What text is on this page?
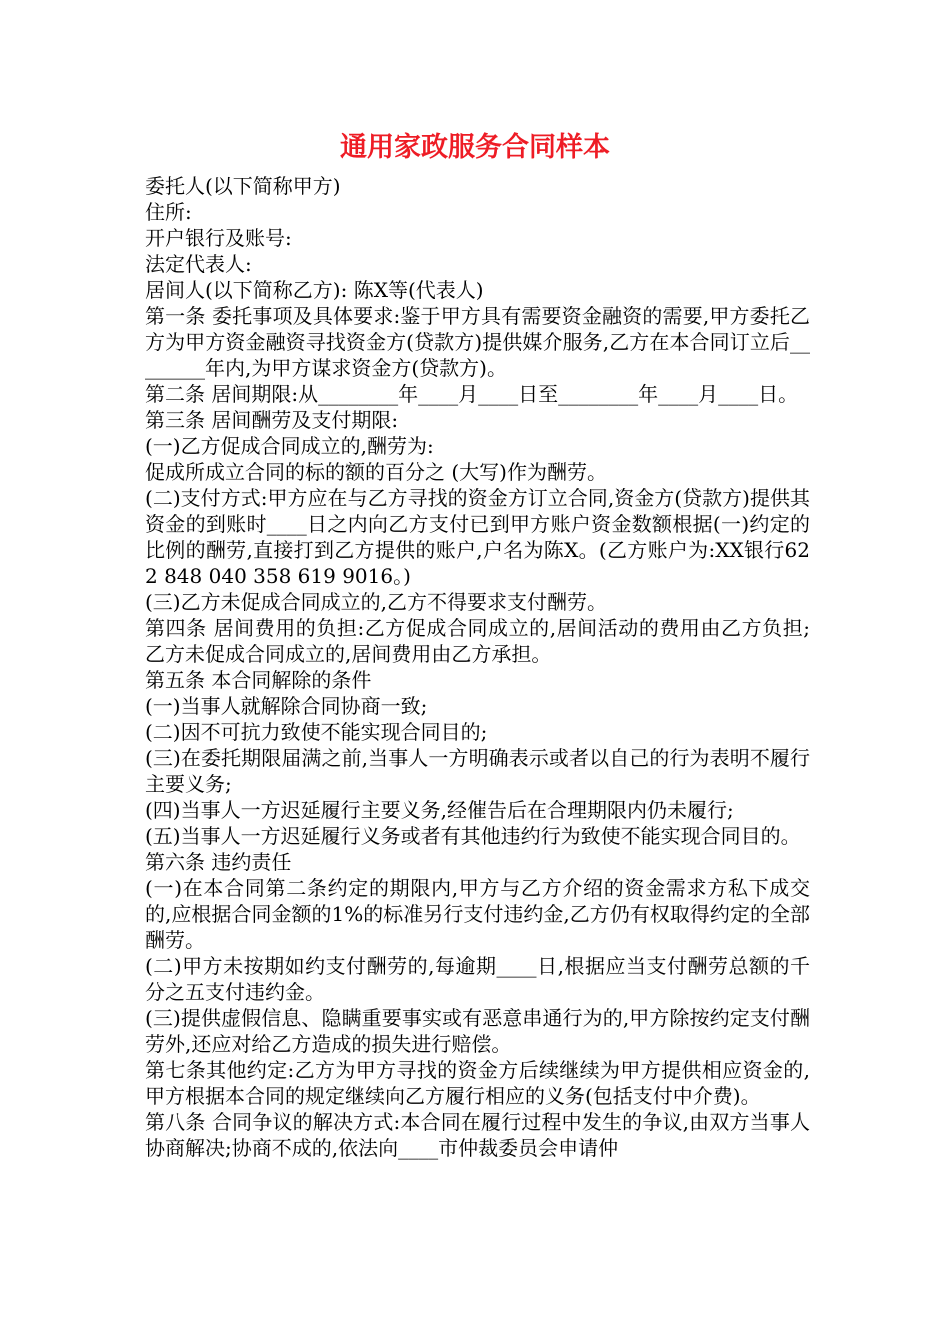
通用家政服务合同样本

委托人(以下简称甲方)

住所:

开户银行及账号:

法定代表人:

居间人(以下简称乙方): 陈X等(代表人)

第一条 委托事项及具体要求:鉴于甲方具有需要资金融资的需要,甲方委托乙方为甲方资金融资寻找资金方(贷款方)提供媒介服务,乙方在本合同订立后________年内,为甲方谋求资金方(贷款方)。

第二条 居间期限:从________年____月____日至________年____月____日。

第三条 居间酬劳及支付期限:

(一)乙方促成合同成立的,酬劳为:

促成所成立合同的标的额的百分之 (大写)作为酬劳。

(二)支付方式:甲方应在与乙方寻找的资金方订立合同,资金方(贷款方)提供其资金的到账时____日之内向乙方支付已到甲方账户资金数额根据(一)约定的比例的酬劳,直接打到乙方提供的账户,户名为陈X。(乙方账户为:XX银行622 848 040 358 619 9016。)

(三)乙方未促成合同成立的,乙方不得要求支付酬劳。

第四条 居间费用的负担:乙方促成合同成立的,居间活动的费用由乙方负担;乙方未促成合同成立的,居间费用由乙方承担。

第五条 本合同解除的条件

(一)当事人就解除合同协商一致;

(二)因不可抗力致使不能实现合同目的;

(三)在委托期限届满之前,当事人一方明确表示或者以自己的行为表明不履行主要义务;

(四)当事人一方迟延履行主要义务,经催告后在合理期限内仍未履行;

(五)当事人一方迟延履行义务或者有其他违约行为致使不能实现合同目的。

第六条 违约责任

(一)在本合同第二条约定的期限内,甲方与乙方介绍的资金需求方私下成交的,应根据合同金额的1%的标准另行支付违约金,乙方仍有权取得约定的全部酬劳。

(二)甲方未按期如约支付酬劳的,每逾期____日,根据应当支付酬劳总额的千分之五支付违约金。

(三)提供虚假信息、隐瞒重要事实或有恶意串通行为的,甲方除按约定支付酬劳外,还应对给乙方造成的损失进行赔偿。

第七条其他约定:乙方为甲方寻找的资金方后续继续为甲方提供相应资金的,甲方根据本合同的规定继续向乙方履行相应的义务(包括支付中介费)。

第八条 合同争议的解决方式:本合同在履行过程中发生的争议,由双方当事人协商解决;协商不成的,依法向____市仲裁委员会申请仲
